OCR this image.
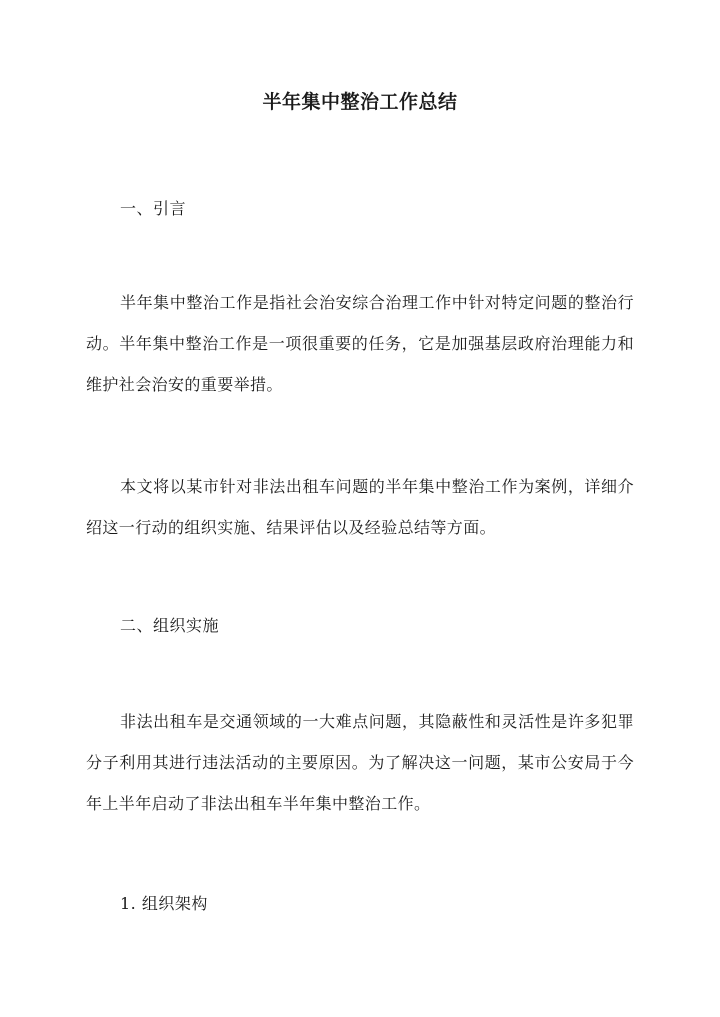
半年集中整治工作总结
一、引言
半年集中整治工作是指社会治安综合治理工作中针对特定问题的整治行动。半年集中整治工作是一项很重要的任务，它是加强基层政府治理能力和维护社会治安的重要举措。
本文将以某市针对非法出租车问题的半年集中整治工作为案例，详细介绍这一行动的组织实施、结果评估以及经验总结等方面。
二、组织实施
非法出租车是交通领域的一大难点问题，其隐蔽性和灵活性是许多犯罪分子利用其进行违法活动的主要原因。为了解决这一问题，某市公安局于今年上半年启动了非法出租车半年集中整治工作。
1. 组织架构
